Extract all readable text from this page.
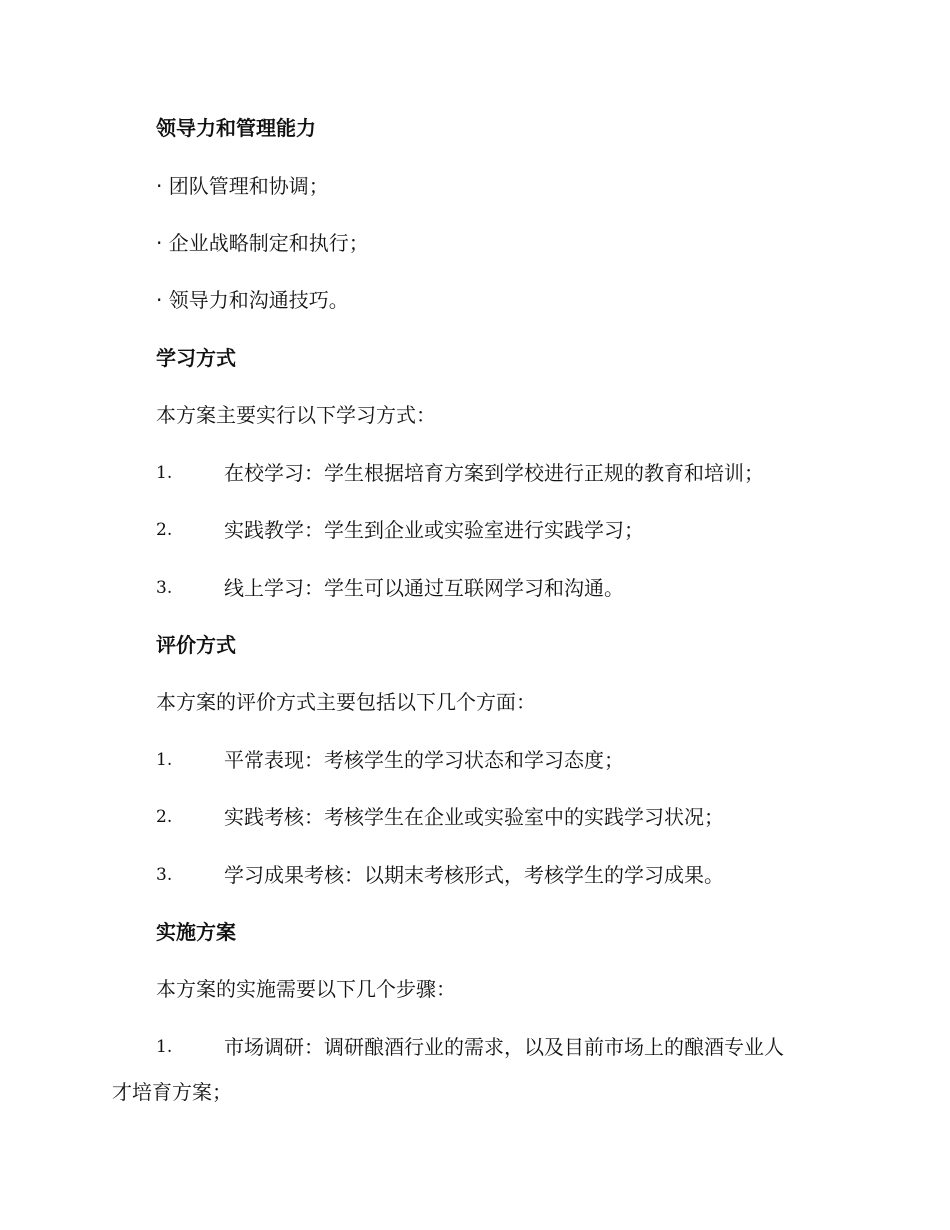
领导力和管理能力
· 团队管理和协调；
· 企业战略制定和执行；
· 领导力和沟通技巧。
学习方式
本方案主要实行以下学习方式：
1.	在校学习：学生根据培育方案到学校进行正规的教育和培训；
2.	实践教学：学生到企业或实验室进行实践学习；
3.	线上学习：学生可以通过互联网学习和沟通。
评价方式
本方案的评价方式主要包括以下几个方面：
1.	平常表现：考核学生的学习状态和学习态度；
2.	实践考核：考核学生在企业或实验室中的实践学习状况；
3.	学习成果考核：以期末考核形式，考核学生的学习成果。
实施方案
本方案的实施需要以下几个步骤：
1.	市场调研：调研酿酒行业的需求，以及目前市场上的酿酒专业人
才培育方案；
